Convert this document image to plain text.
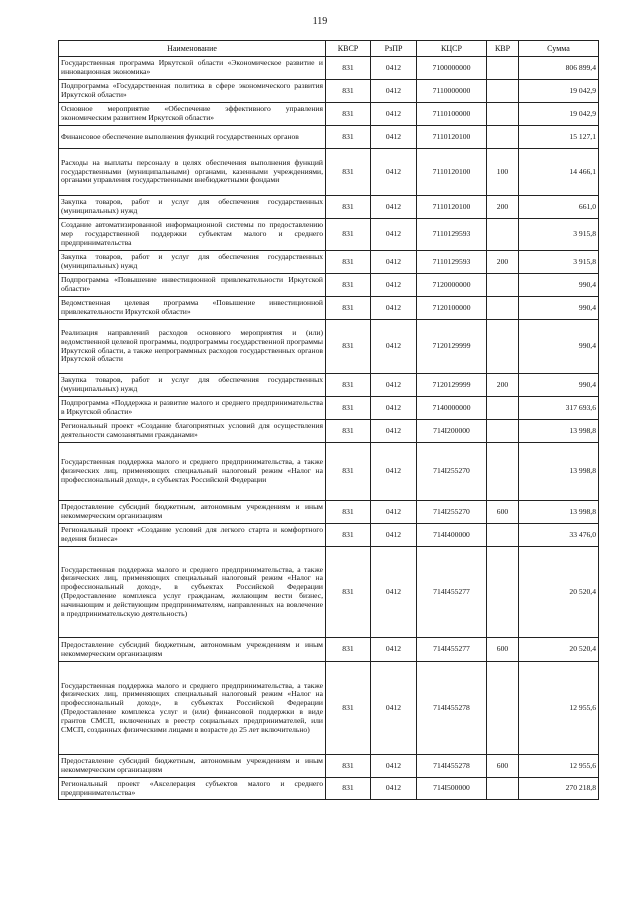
119
Наименование	КВСР	РзПР	КЦСР	КВР	Сумма
Государственная программа Иркутской области «Экономическое развитие и инновационная экономика»	831	0412	7100000000		806 899,4
Подпрограмма «Государственная политика в сфере экономического развития Иркутской области»	831	0412	7110000000		19 042,9
Основное мероприятие «Обеспечение эффективного управления экономическим развитием Иркутской области»	831	0412	7110100000		19 042,9
Финансовое обеспечение выполнения функций государственных органов	831	0412	7110120100		15 127,1
Расходы на выплаты персоналу в целях обеспечения выполнения функций государственными (муниципальными) органами, казенными учреждениями, органами управления государственными внебюджетными фондами	831	0412	7110120100	100	14 466,1
Закупка товаров, работ и услуг для обеспечения государственных (муниципальных) нужд	831	0412	7110120100	200	661,0
Создание автоматизированной информационной системы по предоставлению мер государственной поддержки субъектам малого и среднего предпринимательства	831	0412	7110129593		3 915,8
Закупка товаров, работ и услуг для обеспечения государственных (муниципальных) нужд	831	0412	7110129593	200	3 915,8
Подпрограмма «Повышение инвестиционной привлекательности Иркутской области»	831	0412	7120000000		990,4
Ведомственная целевая программа «Повышение инвестиционной привлекательности Иркутской области»	831	0412	7120100000		990,4
Реализация направлений расходов основного мероприятия и (или) ведомственной целевой программы, подпрограммы государственной программы Иркутской области, а также непрограммных расходов государственных органов Иркутской области	831	0412	7120129999		990,4
Закупка товаров, работ и услуг для обеспечения государственных (муниципальных) нужд	831	0412	7120129999	200	990,4
Подпрограмма «Поддержка и развитие малого и среднего предпринимательства в Иркутской области»	831	0412	7140000000		317 693,6
Региональный проект «Создание благоприятных условий для осуществления деятельности самозанятыми гражданами»	831	0412	714I200000		13 998,8
Государственная поддержка малого и среднего предпринимательства, а также физических лиц, применяющих специальный налоговый режим «Налог на профессиональный доход», в субъектах Российской Федерации	831	0412	714I255270		13 998,8
Предоставление субсидий бюджетным, автономным учреждениям и иным некоммерческим организациям	831	0412	714I255270	600	13 998,8
Региональный проект «Создание условий для легкого старта и комфортного ведения бизнеса»	831	0412	714I400000		33 476,0
Государственная поддержка малого и среднего предпринимательства, а также физических лиц, применяющих специальный налоговый режим «Налог на профессиональный доход», в субъектах Российской Федерации (Предоставление комплекса услуг гражданам, желающим вести бизнес, начинающим и действующим предпринимателям, направленных на вовлечение в предпринимательскую деятельность)	831	0412	714I455277		20 520,4
Предоставление субсидий бюджетным, автономным учреждениям и иным некоммерческим организациям	831	0412	714I455277	600	20 520,4
Государственная поддержка малого и среднего предпринимательства, а также физических лиц, применяющих специальный налоговый режим «Налог на профессиональный доход», в субъектах Российской Федерации (Предоставление комплекса услуг и (или) финансовой поддержки в виде грантов СМСП, включенных в реестр социальных предпринимателей, или СМСП, созданных физическими лицами в возрасте до 25 лет включительно)	831	0412	714I455278		12 955,6
Предоставление субсидий бюджетным, автономным учреждениям и иным некоммерческим организациям	831	0412	714I455278	600	12 955,6
Региональный проект «Акселерация субъектов малого и среднего предпринимательства»	831	0412	714I500000		270 218,8
